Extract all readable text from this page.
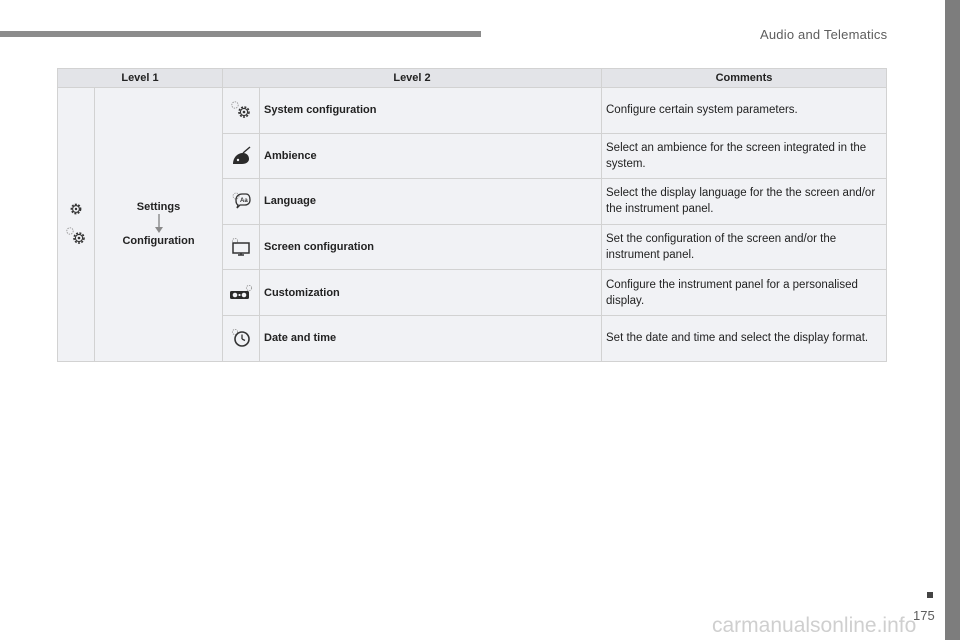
Audio and Telematics
Level 1		Level 2		Comments

Settings
Configuration		System configuration	Configure certain system parameters.
	Ambience	Select an ambience for the screen integrated in the system.

Aa	Language	Select the display language for the the screen and/or the instrument panel.
	Screen configuration	Set the configuration of the screen and/or the instrument panel.
	Customization	Configure the instrument panel for a personalised display.
	Date and time	Set the date and time and select the display format.
carmanualsonline.info
175
